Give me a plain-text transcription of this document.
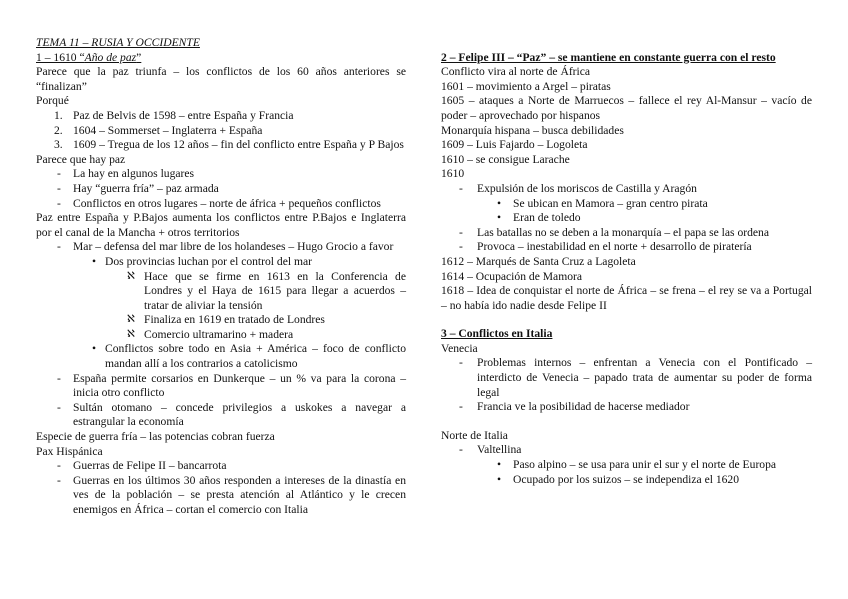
TEMA 11 – RUSIA Y OCCIDENTE

1 – 1610 “Año de paz”

Parece que la paz triunfa – los conflictos de los 60 años anteriores se “finalizan”

Porqué

1. Paz de Belvis de 1598 – entre España y Francia

2. 1604 – Sommerset – Inglaterra + España

3. 1609 – Tregua de los 12 años – fin del conflicto entre España y P Bajos

Parece que hay paz

-	La hay en algunos lugares

-	Hay “guerra fría” – paz armada

-	Conflictos en otros lugares – norte de áfrica + pequeños conflictos

Paz entre España y P.Bajos aumenta los conflictos entre P.Bajos e Inglaterra por el canal de la Mancha + otros territorios

-	Mar – defensa del mar libre de los holandeses – Hugo Grocio a favor

• Dos provincias luchan por el control del mar

ℵ Hace que se firme en 1613 en la Conferencia de Londres y el Haya de 1615 para llegar a acuerdos – tratar de aliviar la tensión

ℵ Finaliza en 1619 en tratado de Londres

ℵ Comercio ultramarino + madera

• Conflictos sobre todo en Asia + América – foco de conflicto mandan allí a los contrarios a catolicismo

-	España permite corsarios en Dunkerque – un % va para la corona – inicia otro conflicto

-	Sultán otomano – concede privilegios a uskokes a navegar a estrangular la economía

Especie de guerra fría – las potencias cobran fuerza

Pax Hispánica

-	Guerras de Felipe II – bancarrota

-	Guerras en los últimos 30 años responden a intereses de la dinastía en ves de la población – se presta atención al Atlántico y le crecen enemigos en África – cortan el comercio con Italia

2 – Felipe III – “Paz” – se mantiene en constante guerra con el resto

Conflicto vira al norte de África

1601 – movimiento a Argel – piratas

1605 – ataques a Norte de Marruecos – fallece el rey Al-Mansur – vacío de poder – aprovechado por hispanos

Monarquía hispana – busca debilidades

1609 – Luis Fajardo – Logoleta

1610 – se consigue Larache

1610

-	Expulsión de los moriscos de Castilla y Aragón

•	Se ubican en Mamora – gran centro pirata

•	Eran de toledo

-	Las batallas no se deben a la monarquía – el papa se las ordena

-	Provoca – inestabilidad en el norte + desarrollo de piratería

1612 – Marqués de Santa Cruz a Lagoleta

1614 – Ocupación de Mamora

1618 – Idea de conquistar el norte de África – se frena – el rey se va a Portugal – no había ido nadie desde Felipe II

3 – Conflictos en Italia

Venecia

-	Problemas internos – enfrentan a Venecia con el Pontificado – interdicto de Venecia – papado trata de aumentar su poder de forma legal

-	Francia ve la posibilidad de hacerse mediador

Norte de Italia

-	Valtellina

•	Paso alpino – se usa para unir el sur y el norte de Europa

•	Ocupado por los suizos – se independiza el 1620
